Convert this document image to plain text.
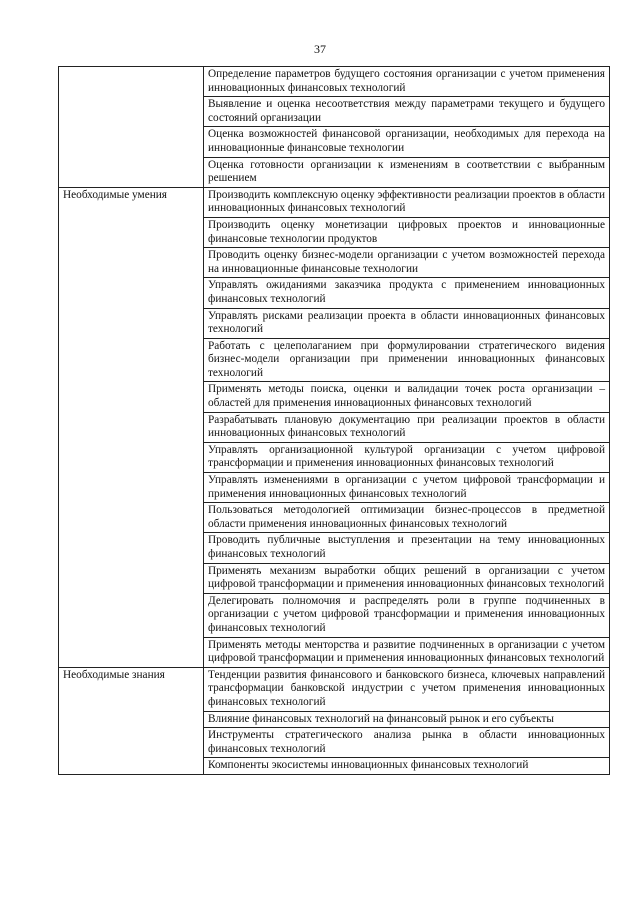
37
	Определение параметров будущего состояния организации с учетом применения инновационных финансовых технологий
	Выявление и оценка несоответствия между параметрами текущего и будущего состояний организации
	Оценка возможностей финансовой организации, необходимых для перехода на инновационные финансовые технологии
	Оценка готовности организации к изменениям в соответствии с выбранным решением
Необходимые умения	Производить комплексную оценку эффективности реализации проектов в области инновационных финансовых технологий
	Производить оценку монетизации цифровых проектов и инновационные финансовые технологии продуктов
	Проводить оценку бизнес-модели организации с учетом возможностей перехода на инновационные финансовые технологии
	Управлять ожиданиями заказчика продукта с применением инновационных финансовых технологий
	Управлять рисками реализации проекта в области инновационных финансовых технологий
	Работать с целеполаганием при формулировании стратегического видения бизнес-модели организации при применении инновационных финансовых технологий
	Применять методы поиска, оценки и валидации точек роста организации – областей для применения инновационных финансовых технологий
	Разрабатывать плановую документацию при реализации проектов в области инновационных финансовых технологий
	Управлять организационной культурой организации с учетом цифровой трансформации и применения инновационных финансовых технологий
	Управлять изменениями в организации с учетом цифровой трансформации и применения инновационных финансовых технологий
	Пользоваться методологией оптимизации бизнес-процессов в предметной области применения инновационных финансовых технологий
	Проводить публичные выступления и презентации на тему инновационных финансовых технологий
	Применять механизм выработки общих решений в организации с учетом цифровой трансформации и применения инновационных финансовых технологий
	Делегировать полномочия и распределять роли в группе подчиненных в организации с учетом цифровой трансформации и применения инновационных финансовых технологий
	Применять методы менторства и развитие подчиненных в организации с учетом цифровой трансформации и применения инновационных финансовых технологий
Необходимые знания	Тенденции развития финансового и банковского бизнеса, ключевых направлений трансформации банковской индустрии с учетом применения инновационных финансовых технологий
	Влияние финансовых технологий на финансовый рынок и его субъекты
	Инструменты стратегического анализа рынка в области инновационных финансовых технологий
	Компоненты экосистемы инновационных финансовых технологий
